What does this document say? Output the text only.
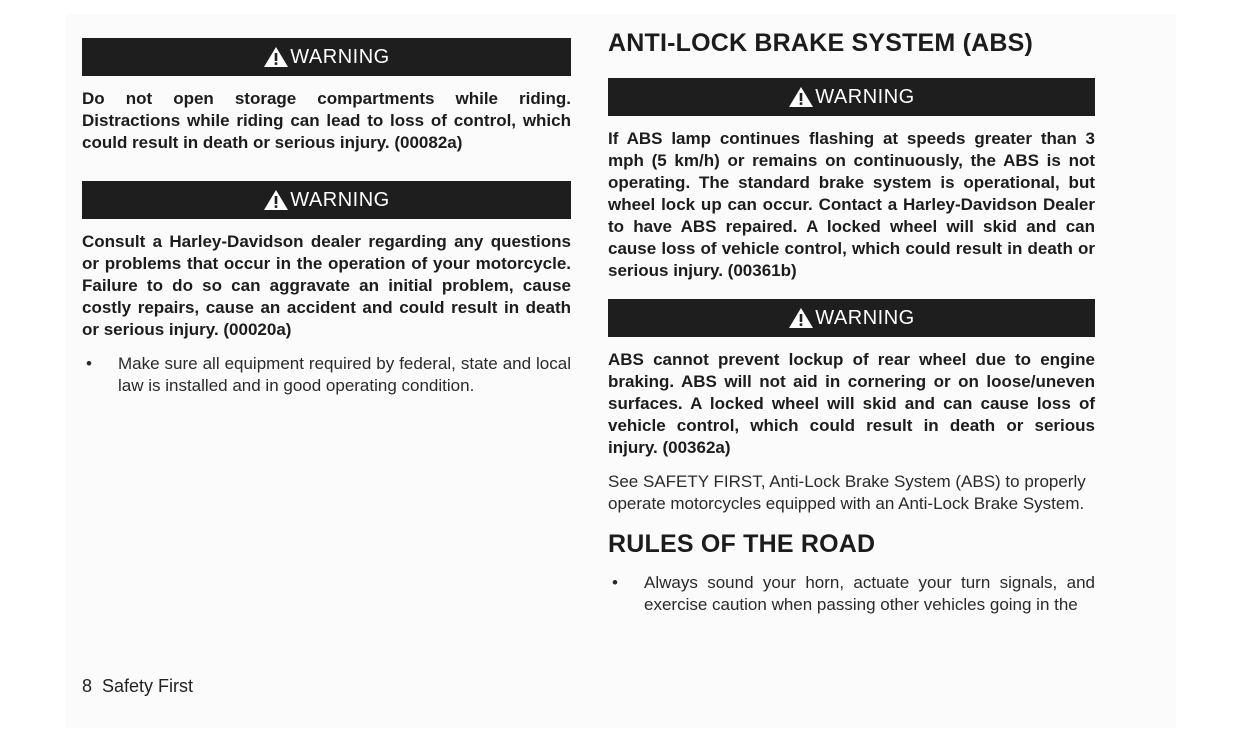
WARNING

Do not open storage compartments while riding. Distractions while riding can lead to loss of control, which could result in death or serious injury. (00082a)

WARNING

Consult a Harley-Davidson dealer regarding any questions or problems that occur in the operation of your motorcycle. Failure to do so can aggravate an initial problem, cause costly repairs, cause an accident and could result in death or serious injury. (00020a)

•	Make sure all equipment required by federal, state and local law is installed and in good operating condition.
ANTI-LOCK BRAKE SYSTEM (ABS)
WARNING

If ABS lamp continues flashing at speeds greater than 3 mph (5 km/h) or remains on continuously, the ABS is not operating. The standard brake system is operational, but wheel lock up can occur. Contact a Harley-Davidson Dealer to have ABS repaired. A locked wheel will skid and can cause loss of vehicle control, which could result in death or serious injury. (00361b)

WARNING

ABS cannot prevent lockup of rear wheel due to engine braking. ABS will not aid in cornering or on loose/uneven surfaces. A locked wheel will skid and can cause loss of vehicle control, which could result in death or serious injury. (00362a)

See SAFETY FIRST, Anti-Lock Brake System (ABS) to properly operate motorcycles equipped with an Anti-Lock Brake System.

RULES OF THE ROAD
•	Always sound your horn, actuate your turn signals, and exercise caution when passing other vehicles going in the
8 Safety First
